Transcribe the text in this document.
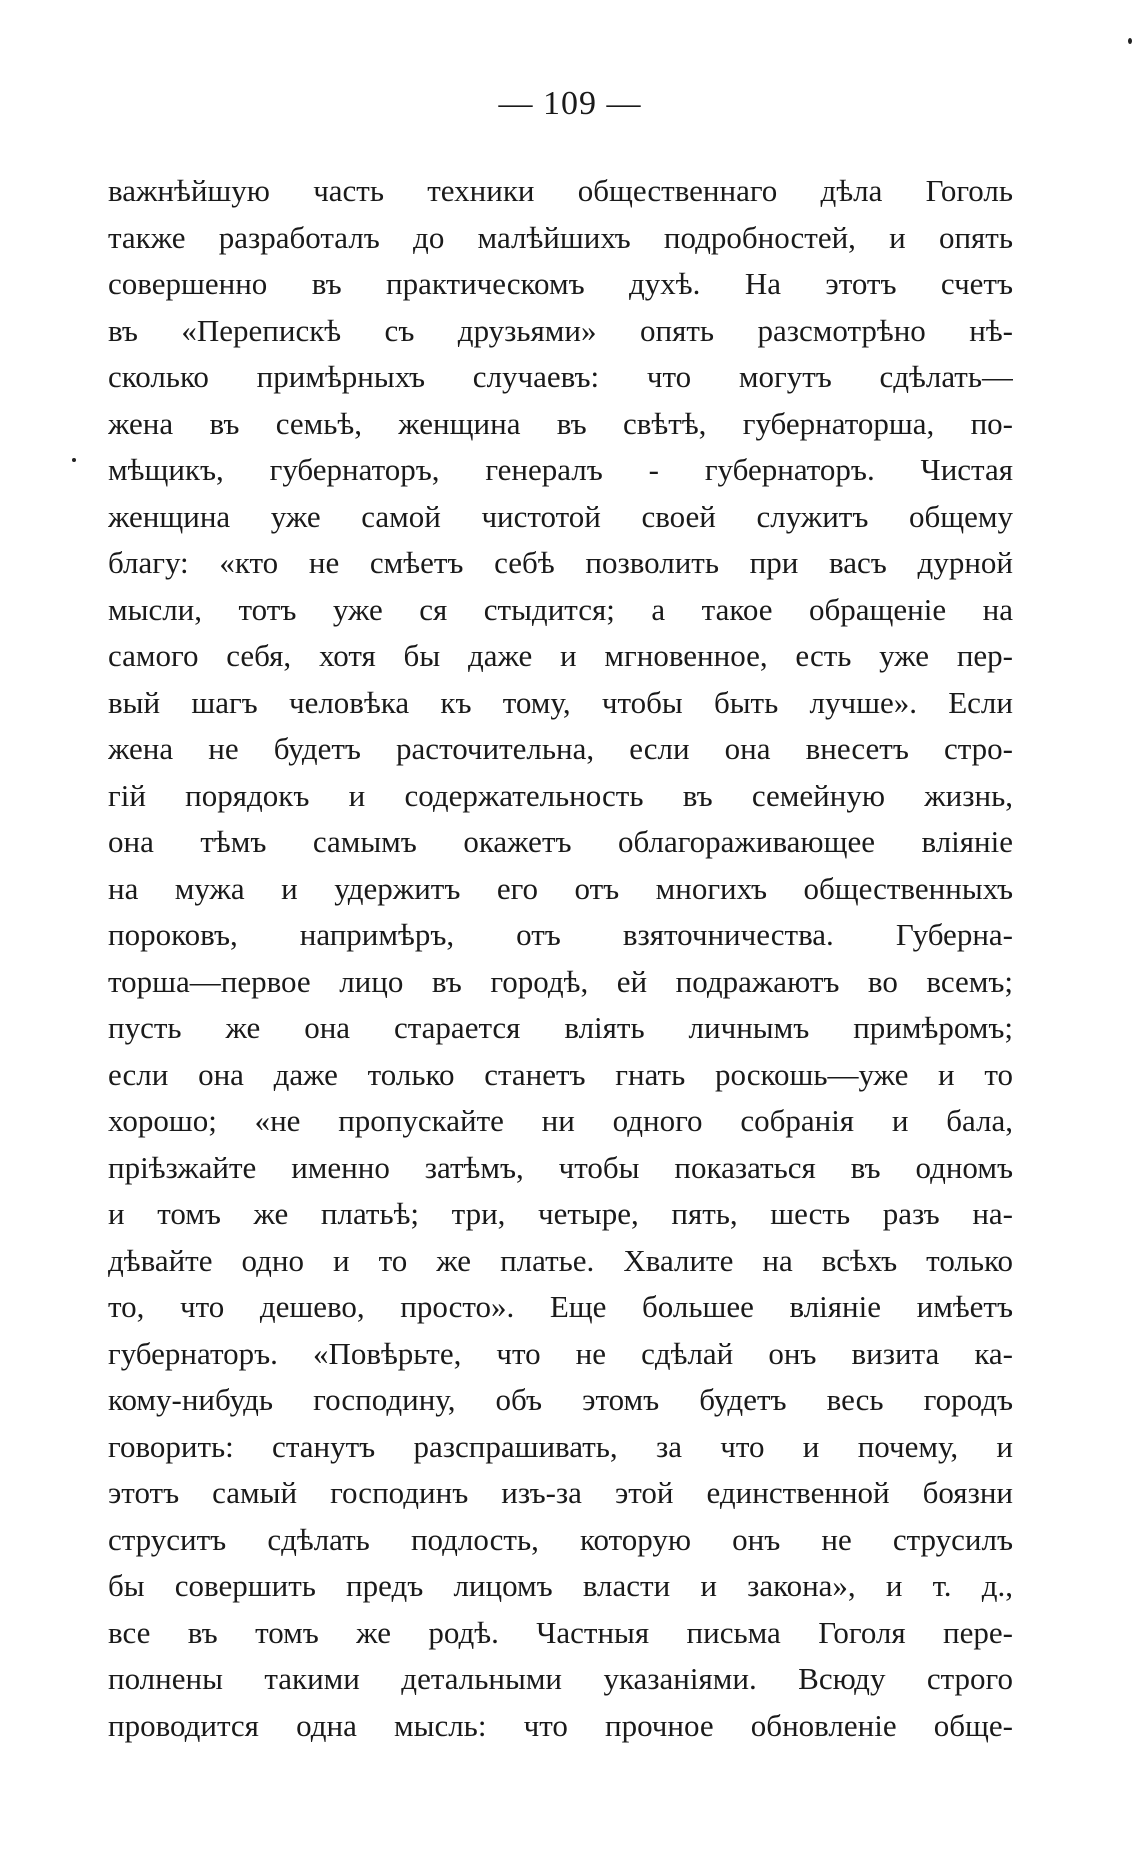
— 109 —
важнѣйшую часть техники общественнаго дѣла Гоголь
также разработалъ до малѣйшихъ подробностей, и опять
совершенно въ практическомъ духѣ. На этотъ счетъ
въ «Перепискѣ съ друзьями» опять разсмотрѣно нѣ-
сколько примѣрныхъ случаевъ: что могутъ сдѣлать—
жена въ семьѣ, женщина въ свѣтѣ, губернаторша, по-
мѣщикъ, губернаторъ, генералъ - губернаторъ. Чистая
женщина уже самой чистотой своей служитъ общему
благу: «кто не смѣетъ себѣ позволить при васъ дурной
мысли, тотъ уже ся стыдится; а такое обращеніе на
самого себя, хотя бы даже и мгновенное, есть уже пер-
вый шагъ человѣка къ тому, чтобы быть лучше». Если
жена не будетъ расточительна, если она внесетъ стро-
гій порядокъ и содержательность въ семейную жизнь,
она тѣмъ самымъ окажетъ облагораживающее вліяніе
на мужа и удержитъ его отъ многихъ общественныхъ
пороковъ, напримѣръ, отъ взяточничества. Губерна-
торша—первое лицо въ городѣ, ей подражаютъ во всемъ;
пусть же она старается вліять личнымъ примѣромъ;
если она даже только станетъ гнать роскошь—уже и то
хорошо; «не пропускайте ни одного собранія и бала,
пріѣзжайте именно затѣмъ, чтобы показаться въ одномъ
и томъ же платьѣ; три, четыре, пять, шесть разъ на-
дѣвайте одно и то же платье. Хвалите на всѣхъ только
то, что дешево, просто». Еще большее вліяніе имѣетъ
губернаторъ. «Повѣрьте, что не сдѣлай онъ визита ка-
кому-нибудь господину, объ этомъ будетъ весь городъ
говорить: станутъ разспрашивать, за что и почему, и
этотъ самый господинъ изъ-за этой единственной боязни
струситъ сдѣлать подлость, которую онъ не струсилъ
бы совершить предъ лицомъ власти и закона», и т. д.,
все въ томъ же родѣ. Частныя письма Гоголя пере-
полнены такими детальными указаніями. Всюду строго
проводится одна мысль: что прочное обновленіе обще-
